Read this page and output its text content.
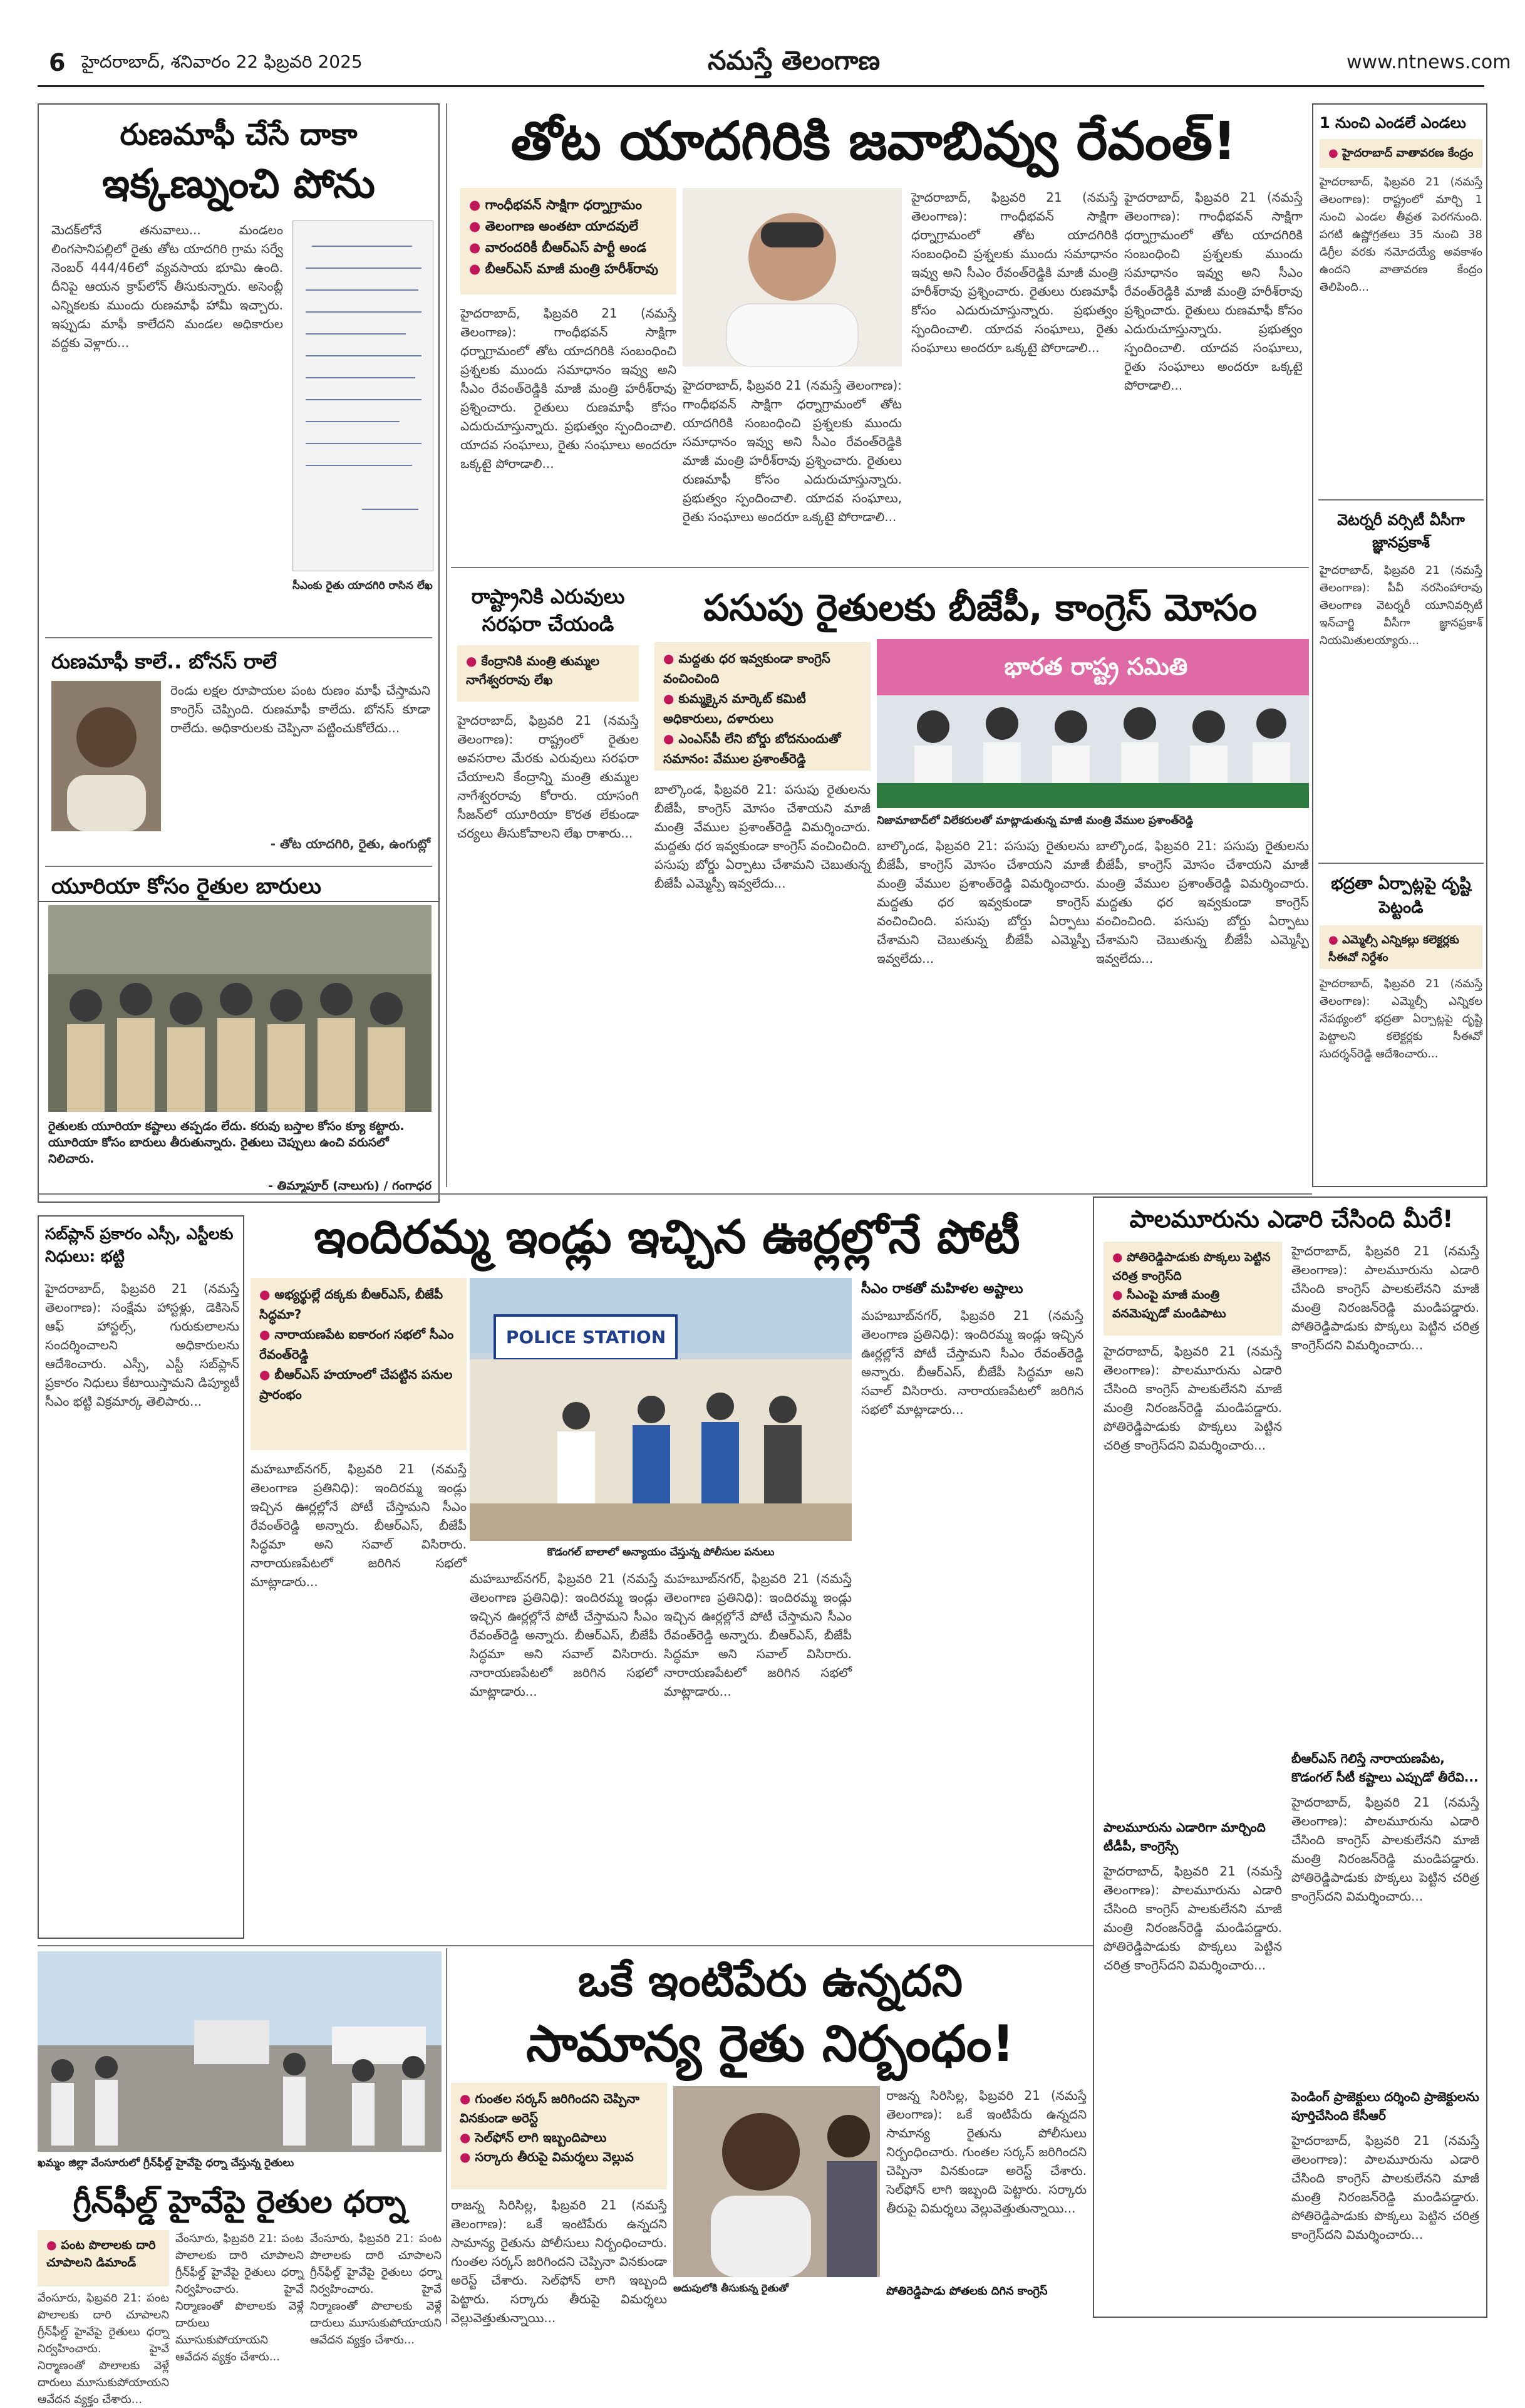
6 హైదరాబాద్, శనివారం 22 ఫిబ్రవరి 2025	నమస్తే తెలంగాణ	www.ntnews.com
రుణమాఫీ చేసే దాకా
ఇక్కణ్నుంచి పోను
మెదక్‌లోనే తనువాలు... మండలం లింగసానిపల్లిలో రైతు తోట యాదగిరి గ్రామ సర్వే నెంబర్ 444/46లో వ్యవసాయ భూమి ఉంది. దీనిపై ఆయన క్రాప్‌లోన్ తీసుకున్నారు. అసెంబ్లీ ఎన్నికలకు ముందు రుణమాఫీ హామీ ఇచ్చారు. ఇప్పుడు మాఫీ కాలేదని మండల అధికారుల వద్దకు వెళ్లారు...
సీఎంకు రైతు యాదగిరి రాసిన లేఖ
రుణమాఫీ కాలే.. బోనస్ రాలే
రెండు లక్షల రూపాయల పంట రుణం మాఫీ చేస్తామని కాంగ్రెస్ చెప్పింది. రుణమాఫీ కాలేదు. బోనస్ కూడా రాలేదు. అధికారులకు చెప్పినా పట్టించుకోలేదు...
- తోట యాదగిరి, రైతు, ఉంగుట్లో
యూరియా కోసం రైతుల బారులు
రైతులకు యూరియా కష్టాలు తప్పడం లేదు. కరువు బస్తాల కోసం క్యూ కట్టారు. యూరియా కోసం బారులు తీరుతున్నారు. రైతులు చెప్పులు ఉంచి వరుసలో నిలిచారు.
- తిమ్మాపూర్ (నాలుగు) / గంగాధర
తోట యాదగిరికి జవాబివ్వు రేవంత్!
● గాంధీభవన్ సాక్షిగా ధర్నాగ్రామం
● తెలంగాణ అంతటా యాదవులే
● వారందరికీ బీఆర్‌ఎస్ పార్టీ అండ
● బీఆర్‌ఎస్ మాజీ మంత్రి హరీశ్‌రావు
హైదరాబాద్, ఫిబ్రవరి 21 (నమస్తే తెలంగాణ): గాంధీభవన్ సాక్షిగా ధర్నాగ్రామంలో తోట యాదగిరికి సంబంధించి ప్రశ్నలకు ముందు సమాధానం ఇవ్వు అని సీఎం రేవంత్‌రెడ్డికి మాజీ మంత్రి హరీశ్‌రావు ప్రశ్నించారు. రైతులు రుణమాఫీ కోసం ఎదురుచూస్తున్నారు. ప్రభుత్వం స్పందించాలి. యాదవ సంఘాలు, రైతు సంఘాలు అందరూ ఒక్కటై పోరాడాలి...
హైదరాబాద్, ఫిబ్రవరి 21 (నమస్తే తెలంగాణ): గాంధీభవన్ సాక్షిగా ధర్నాగ్రామంలో తోట యాదగిరికి సంబంధించి ప్రశ్నలకు ముందు సమాధానం ఇవ్వు అని సీఎం రేవంత్‌రెడ్డికి మాజీ మంత్రి హరీశ్‌రావు ప్రశ్నించారు. రైతులు రుణమాఫీ కోసం ఎదురుచూస్తున్నారు. ప్రభుత్వం స్పందించాలి. యాదవ సంఘాలు, రైతు సంఘాలు అందరూ ఒక్కటై పోరాడాలి...
హైదరాబాద్, ఫిబ్రవరి 21 (నమస్తే తెలంగాణ): గాంధీభవన్ సాక్షిగా ధర్నాగ్రామంలో తోట యాదగిరికి సంబంధించి ప్రశ్నలకు ముందు సమాధానం ఇవ్వు అని సీఎం రేవంత్‌రెడ్డికి మాజీ మంత్రి హరీశ్‌రావు ప్రశ్నించారు. రైతులు రుణమాఫీ కోసం ఎదురుచూస్తున్నారు. ప్రభుత్వం స్పందించాలి. యాదవ సంఘాలు, రైతు సంఘాలు అందరూ ఒక్కటై పోరాడాలి...
హైదరాబాద్, ఫిబ్రవరి 21 (నమస్తే తెలంగాణ): గాంధీభవన్ సాక్షిగా ధర్నాగ్రామంలో తోట యాదగిరికి సంబంధించి ప్రశ్నలకు ముందు సమాధానం ఇవ్వు అని సీఎం రేవంత్‌రెడ్డికి మాజీ మంత్రి హరీశ్‌రావు ప్రశ్నించారు. రైతులు రుణమాఫీ కోసం ఎదురుచూస్తున్నారు. ప్రభుత్వం స్పందించాలి. యాదవ సంఘాలు, రైతు సంఘాలు అందరూ ఒక్కటై పోరాడాలి...
రాష్ట్రానికి ఎరువులు సరఫరా చేయండి
● కేంద్రానికి మంత్రి తుమ్మల నాగేశ్వరరావు లేఖ
హైదరాబాద్, ఫిబ్రవరి 21 (నమస్తే తెలంగాణ): రాష్ట్రంలో రైతుల అవసరాల మేరకు ఎరువులు సరఫరా చేయాలని కేంద్రాన్ని మంత్రి తుమ్మల నాగేశ్వరరావు కోరారు. యాసంగి సీజన్‌లో యూరియా కొరత లేకుండా చర్యలు తీసుకోవాలని లేఖ రాశారు...
పసుపు రైతులకు బీజేపీ, కాంగ్రెస్ మోసం
● మద్దతు ధర ఇవ్వకుండా కాంగ్రెస్ వంచించింది
● కుమ్మక్కైన మార్కెట్ కమిటీ అధికారులు, దళారులు
● ఎంఎస్‌పీ లేని బోర్డు బోదనుందుతో సమానం: వేముల ప్రశాంత్‌రెడ్డి
భారత రాష్ట్ర సమితి
నిజామాబాద్‌లో విలేకరులతో మాట్లాడుతున్న మాజీ మంత్రి వేముల ప్రశాంత్‌రెడ్డి
బాల్కొండ, ఫిబ్రవరి 21: పసుపు రైతులను బీజేపీ, కాంగ్రెస్ మోసం చేశాయని మాజీ మంత్రి వేముల ప్రశాంత్‌రెడ్డి విమర్శించారు. మద్దతు ధర ఇవ్వకుండా కాంగ్రెస్ వంచించింది. పసుపు బోర్డు ఏర్పాటు చేశామని చెబుతున్న బీజేపీ ఎమ్మెస్పీ ఇవ్వలేదు...
బాల్కొండ, ఫిబ్రవరి 21: పసుపు రైతులను బీజేపీ, కాంగ్రెస్ మోసం చేశాయని మాజీ మంత్రి వేముల ప్రశాంత్‌రెడ్డి విమర్శించారు. మద్దతు ధర ఇవ్వకుండా కాంగ్రెస్ వంచించింది. పసుపు బోర్డు ఏర్పాటు చేశామని చెబుతున్న బీజేపీ ఎమ్మెస్పీ ఇవ్వలేదు...
బాల్కొండ, ఫిబ్రవరి 21: పసుపు రైతులను బీజేపీ, కాంగ్రెస్ మోసం చేశాయని మాజీ మంత్రి వేముల ప్రశాంత్‌రెడ్డి విమర్శించారు. మద్దతు ధర ఇవ్వకుండా కాంగ్రెస్ వంచించింది. పసుపు బోర్డు ఏర్పాటు చేశామని చెబుతున్న బీజేపీ ఎమ్మెస్పీ ఇవ్వలేదు...
1 నుంచి ఎండలే ఎండలు
● హైదరాబాద్ వాతావరణ కేంద్రం
హైదరాబాద్, ఫిబ్రవరి 21 (నమస్తే తెలంగాణ): రాష్ట్రంలో మార్చి 1 నుంచి ఎండల తీవ్రత పెరగనుంది. పగటి ఉష్ణోగ్రతలు 35 నుంచి 38 డిగ్రీల వరకు నమోదయ్యే అవకాశం ఉందని వాతావరణ కేంద్రం తెలిపింది...
వెటర్నరీ వర్సిటీ వీసీగా జ్ఞానప్రకాశ్
హైదరాబాద్, ఫిబ్రవరి 21 (నమస్తే తెలంగాణ): పీవీ నరసింహారావు తెలంగాణ వెటర్నరీ యూనివర్సిటీ ఇన్‌చార్జి వీసీగా జ్ఞానప్రకాశ్ నియమితులయ్యారు...
భద్రతా ఏర్పాట్లపై దృష్టి పెట్టండి
● ఎమ్మెల్సీ ఎన్నికల్లు కలెక్టర్లకు సీఈవో నిర్దేశం
హైదరాబాద్, ఫిబ్రవరి 21 (నమస్తే తెలంగాణ): ఎమ్మెల్సీ ఎన్నికల నేపథ్యంలో భద్రతా ఏర్పాట్లపై దృష్టి పెట్టాలని కలెక్టర్లకు సీఈవో సుదర్శన్‌రెడ్డి ఆదేశించారు...
సబ్‌ప్లాన్ ప్రకారం ఎస్సీ, ఎస్టీలకు నిధులు: భట్టి
హైదరాబాద్, ఫిబ్రవరి 21 (నమస్తే తెలంగాణ): సంక్షేమ హాస్టళ్లు, డెకిసెన్ ఆఫ్ హాస్టల్స్, గురుకులాలను సందర్శించాలని అధికారులను ఆదేశించారు. ఎస్సీ, ఎస్టీ సబ్‌ప్లాన్ ప్రకారం నిధులు కేటాయిస్తామని డిప్యూటీ సీఎం భట్టి విక్రమార్క తెలిపారు...
ఇందిరమ్మ ఇండ్లు ఇచ్చిన ఊర్లల్లోనే పోటీ
● అభ్యర్థుల్లే దక్కకు బీఆర్‌ఎస్, బీజేపీ సిద్ధమా?
● నారాయణపేట ఐకారంగ సభలో సీఎం రేవంత్‌రెడ్డి
● బీఆర్‌ఎస్ హయాంలో చేపట్టిన పనుల ప్రారంభం
POLICE STATION
కొడంగల్ బాలాలో అన్యాయం చేస్తున్న పోలీసుల పనులు
సీఎం రాకతో మహిళల అష్టాలు
మహబూబ్‌నగర్, ఫిబ్రవరి 21 (నమస్తే తెలంగాణ ప్రతినిధి): ఇందిరమ్మ ఇండ్లు ఇచ్చిన ఊర్లల్లోనే పోటీ చేస్తామని సీఎం రేవంత్‌రెడ్డి అన్నారు. బీఆర్‌ఎస్, బీజేపీ సిద్ధమా అని సవాల్ విసిరారు. నారాయణపేటలో జరిగిన సభలో మాట్లాడారు...
మహబూబ్‌నగర్, ఫిబ్రవరి 21 (నమస్తే తెలంగాణ ప్రతినిధి): ఇందిరమ్మ ఇండ్లు ఇచ్చిన ఊర్లల్లోనే పోటీ చేస్తామని సీఎం రేవంత్‌రెడ్డి అన్నారు. బీఆర్‌ఎస్, బీజేపీ సిద్ధమా అని సవాల్ విసిరారు. నారాయణపేటలో జరిగిన సభలో మాట్లాడారు...	మహబూబ్‌నగర్, ఫిబ్రవరి 21 (నమస్తే తెలంగాణ ప్రతినిధి): ఇందిరమ్మ ఇండ్లు ఇచ్చిన ఊర్లల్లోనే పోటీ చేస్తామని సీఎం రేవంత్‌రెడ్డి అన్నారు. బీఆర్‌ఎస్, బీజేపీ సిద్ధమా అని సవాల్ విసిరారు. నారాయణపేటలో జరిగిన సభలో మాట్లాడారు...
మహబూబ్‌నగర్, ఫిబ్రవరి 21 (నమస్తే తెలంగాణ ప్రతినిధి): ఇందిరమ్మ ఇండ్లు ఇచ్చిన ఊర్లల్లోనే పోటీ చేస్తామని సీఎం రేవంత్‌రెడ్డి అన్నారు. బీఆర్‌ఎస్, బీజేపీ సిద్ధమా అని సవాల్ విసిరారు. నారాయణపేటలో జరిగిన సభలో మాట్లాడారు...
పాలమూరును ఎడారి చేసింది మీరే!
● పోతిరెడ్డిపాడుకు పొక్కలు పెట్టిన చరిత్ర కాంగ్రెస్‌ది
● సీఎంపై మాజీ మంత్రి వనమెప్పుడో మండిపాటు
హైదరాబాద్, ఫిబ్రవరి 21 (నమస్తే తెలంగాణ): పాలమూరును ఎడారి చేసింది కాంగ్రెస్ పాలకులేనని మాజీ మంత్రి నిరంజన్‌రెడ్డి మండిపడ్డారు. పోతిరెడ్డిపాడుకు పొక్కలు పెట్టిన చరిత్ర కాంగ్రెస్‌దని విమర్శించారు...
హైదరాబాద్, ఫిబ్రవరి 21 (నమస్తే తెలంగాణ): పాలమూరును ఎడారి చేసింది కాంగ్రెస్ పాలకులేనని మాజీ మంత్రి నిరంజన్‌రెడ్డి మండిపడ్డారు. పోతిరెడ్డిపాడుకు పొక్కలు పెట్టిన చరిత్ర కాంగ్రెస్‌దని విమర్శించారు...
బీఆర్‌ఎస్ గెలిస్తే నారాయణపేట, కొడంగల్ సీటీ కష్టాలు ఎప్పుడో తీరేవి...
హైదరాబాద్, ఫిబ్రవరి 21 (నమస్తే తెలంగాణ): పాలమూరును ఎడారి చేసింది కాంగ్రెస్ పాలకులేనని మాజీ మంత్రి నిరంజన్‌రెడ్డి మండిపడ్డారు. పోతిరెడ్డిపాడుకు పొక్కలు పెట్టిన చరిత్ర కాంగ్రెస్‌దని విమర్శించారు...
పాలమూరును ఎడారిగా మార్చింది టీడీపీ, కాంగ్రెస్సే
హైదరాబాద్, ఫిబ్రవరి 21 (నమస్తే తెలంగాణ): పాలమూరును ఎడారి చేసింది కాంగ్రెస్ పాలకులేనని మాజీ మంత్రి నిరంజన్‌రెడ్డి మండిపడ్డారు. పోతిరెడ్డిపాడుకు పొక్కలు పెట్టిన చరిత్ర కాంగ్రెస్‌దని విమర్శించారు...
పెండింగ్ ప్రాజెక్టులు దర్శించి ప్రాజెక్టులను పూర్తిచేసింది కేసీఆర్
హైదరాబాద్, ఫిబ్రవరి 21 (నమస్తే తెలంగాణ): పాలమూరును ఎడారి చేసింది కాంగ్రెస్ పాలకులేనని మాజీ మంత్రి నిరంజన్‌రెడ్డి మండిపడ్డారు. పోతిరెడ్డిపాడుకు పొక్కలు పెట్టిన చరిత్ర కాంగ్రెస్‌దని విమర్శించారు...
ఒకే ఇంటిపేరు ఉన్నదని
సామాన్య రైతు నిర్బంధం!
● గుంతల సర్కస్ జరిగిందని చెప్పినా వినకుండా అరెస్ట్
● సెల్‌ఫోన్ లాగి ఇబ్బందిపాలు
● సర్కారు తీరుపై విమర్శలు వెల్లువ
అదుపులోకి తీసుకున్న రైతుతో
రాజన్న సిరిసిల్ల, ఫిబ్రవరి 21 (నమస్తే తెలంగాణ): ఒకే ఇంటిపేరు ఉన్నదని సామాన్య రైతును పోలీసులు నిర్బంధించారు. గుంతల సర్కస్ జరిగిందని చెప్పినా వినకుండా అరెస్ట్ చేశారు. సెల్‌ఫోన్ లాగి ఇబ్బంది పెట్టారు. సర్కారు తీరుపై విమర్శలు వెల్లువెత్తుతున్నాయి...
రాజన్న సిరిసిల్ల, ఫిబ్రవరి 21 (నమస్తే తెలంగాణ): ఒకే ఇంటిపేరు ఉన్నదని సామాన్య రైతును పోలీసులు నిర్బంధించారు. గుంతల సర్కస్ జరిగిందని చెప్పినా వినకుండా అరెస్ట్ చేశారు. సెల్‌ఫోన్ లాగి ఇబ్బంది పెట్టారు. సర్కారు తీరుపై విమర్శలు వెల్లువెత్తుతున్నాయి...
పోతిరెడ్డిపాడు పోతలకు దిగిన కాంగ్రెస్
ఖమ్మం జిల్లా వేంసూరులో గ్రీన్‌ఫీల్డ్ హైవేపై ధర్నా చేస్తున్న రైతులు
గ్రీన్‌ఫీల్డ్ హైవేపై రైతుల ధర్నా
● పంట పొలాలకు దారి చూపాలని డిమాండ్
వేంసూరు, ఫిబ్రవరి 21: పంట పొలాలకు దారి చూపాలని గ్రీన్‌ఫీల్డ్ హైవేపై రైతులు ధర్నా నిర్వహించారు. హైవే నిర్మాణంతో పొలాలకు వెళ్లే దారులు మూసుకుపోయాయని ఆవేదన వ్యక్తం చేశారు...
వేంసూరు, ఫిబ్రవరి 21: పంట పొలాలకు దారి చూపాలని గ్రీన్‌ఫీల్డ్ హైవేపై రైతులు ధర్నా నిర్వహించారు. హైవే నిర్మాణంతో పొలాలకు వెళ్లే దారులు మూసుకుపోయాయని ఆవేదన వ్యక్తం చేశారు...
వేంసూరు, ఫిబ్రవరి 21: పంట పొలాలకు దారి చూపాలని గ్రీన్‌ఫీల్డ్ హైవేపై రైతులు ధర్నా నిర్వహించారు. హైవే నిర్మాణంతో పొలాలకు వెళ్లే దారులు మూసుకుపోయాయని ఆవేదన వ్యక్తం చేశారు...
